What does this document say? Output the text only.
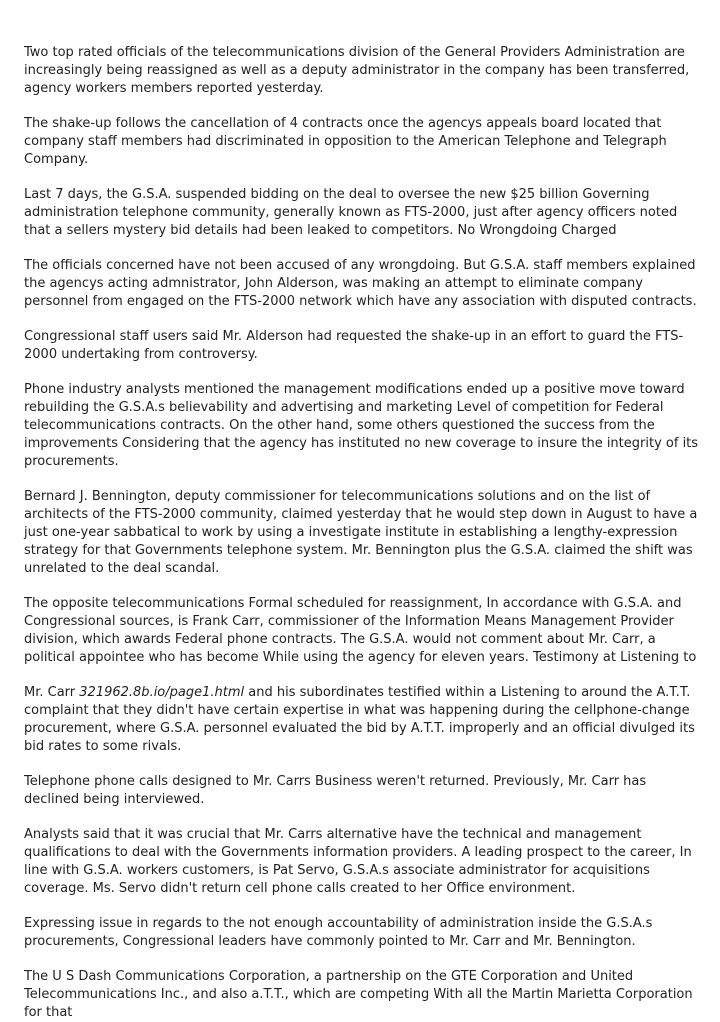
Two top rated officials of the telecommunications division of the General Providers Administration are increasingly being reassigned as well as a deputy administrator in the company has been transferred, agency workers members reported yesterday.

The shake-up follows the cancellation of 4 contracts once the agencys appeals board located that company staff members had discriminated in opposition to the American Telephone and Telegraph Company.

Last 7 days, the G.S.A. suspended bidding on the deal to oversee the new $25 billion Governing administration telephone community, generally known as FTS-2000, just after agency officers noted that a sellers mystery bid details had been leaked to competitors. No Wrongdoing Charged

The officials concerned have not been accused of any wrongdoing. But G.S.A. staff members explained the agencys acting admnistrator, John Alderson, was making an attempt to eliminate company personnel from engaged on the FTS-2000 network which have any association with disputed contracts.

Congressional staff users said Mr. Alderson had requested the shake-up in an effort to guard the FTS-2000 undertaking from controversy.

Phone industry analysts mentioned the management modifications ended up a positive move toward rebuilding the G.S.A.s believability and advertising and marketing Level of competition for Federal telecommunications contracts. On the other hand, some others questioned the success from the improvements Considering that the agency has instituted no new coverage to insure the integrity of its procurements.

Bernard J. Bennington, deputy commissioner for telecommunications solutions and on the list of architects of the FTS-2000 community, claimed yesterday that he would step down in August to have a just one-year sabbatical to work by using a investigate institute in establishing a lengthy-expression strategy for that Governments telephone system. Mr. Bennington plus the G.S.A. claimed the shift was unrelated to the deal scandal.

The opposite telecommunications Formal scheduled for reassignment, In accordance with G.S.A. and Congressional sources, is Frank Carr, commissioner of the Information Means Management Provider division, which awards Federal phone contracts. The G.S.A. would not comment about Mr. Carr, a political appointee who has become While using the agency for eleven years. Testimony at Listening to

Mr. Carr 321962.8b.io/page1.html and his subordinates testified within a Listening to around the A.T.T. complaint that they didn't have certain expertise in what was happening during the cellphone-change procurement, where G.S.A. personnel evaluated the bid by A.T.T. improperly and an official divulged its bid rates to some rivals.

Telephone phone calls designed to Mr. Carrs Business weren't returned. Previously, Mr. Carr has declined being interviewed.

Analysts said that it was crucial that Mr. Carrs alternative have the technical and management qualifications to deal with the Governments information providers. A leading prospect to the career, In line with G.S.A. workers customers, is Pat Servo, G.S.A.s associate administrator for acquisitions coverage. Ms. Servo didn't return cell phone calls created to her Office environment.

Expressing issue in regards to the not enough accountability of administration inside the G.S.A.s procurements, Congressional leaders have commonly pointed to Mr. Carr and Mr. Bennington.

The U S Dash Communications Corporation, a partnership on the GTE Corporation and United Telecommunications Inc., and also a.T.T., which are competing With all the Martin Marietta Corporation for that
